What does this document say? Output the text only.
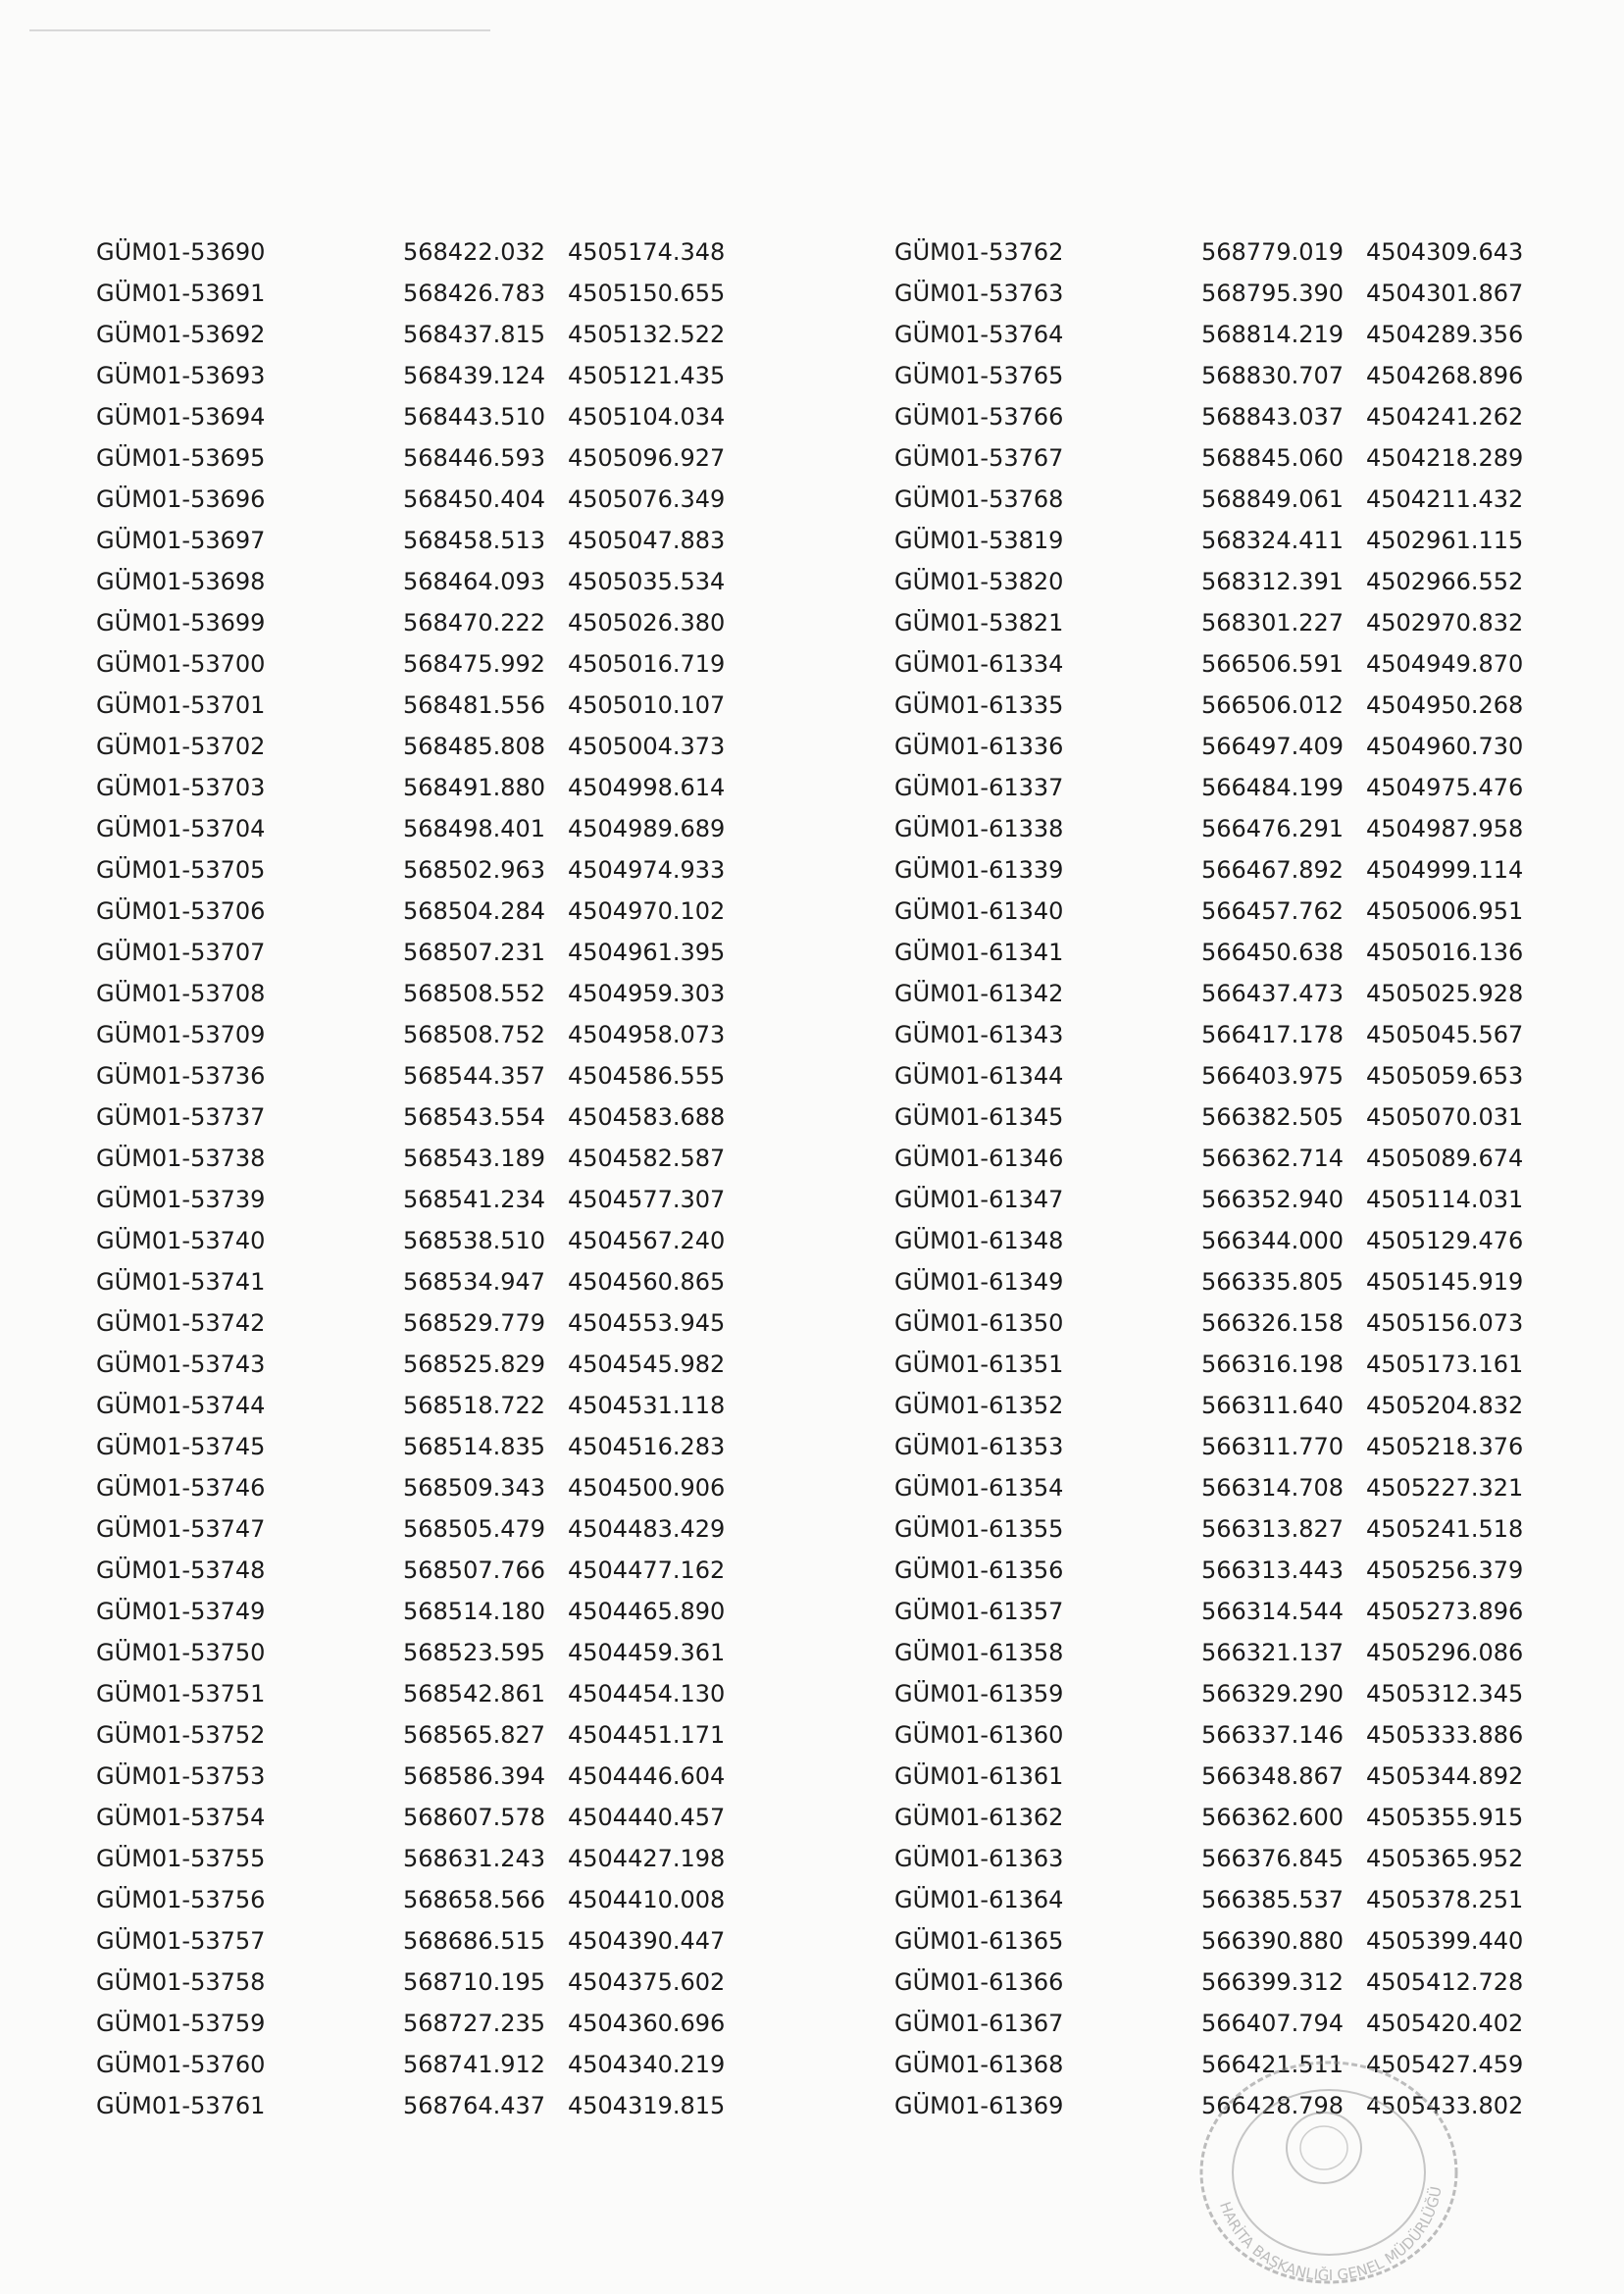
GÜM01-53690	568422.032 4505174.348
GÜM01-53691	568426.783 4505150.655
GÜM01-53692	568437.815 4505132.522
GÜM01-53693	568439.124 4505121.435
GÜM01-53694	568443.510 4505104.034
GÜM01-53695	568446.593 4505096.927
GÜM01-53696	568450.404 4505076.349
GÜM01-53697	568458.513 4505047.883
GÜM01-53698	568464.093 4505035.534
GÜM01-53699	568470.222 4505026.380
GÜM01-53700	568475.992 4505016.719
GÜM01-53701	568481.556 4505010.107
GÜM01-53702	568485.808 4505004.373
GÜM01-53703	568491.880 4504998.614
GÜM01-53704	568498.401 4504989.689
GÜM01-53705	568502.963 4504974.933
GÜM01-53706	568504.284 4504970.102
GÜM01-53707	568507.231 4504961.395
GÜM01-53708	568508.552 4504959.303
GÜM01-53709	568508.752 4504958.073
GÜM01-53736	568544.357 4504586.555
GÜM01-53737	568543.554 4504583.688
GÜM01-53738	568543.189 4504582.587
GÜM01-53739	568541.234 4504577.307
GÜM01-53740	568538.510 4504567.240
GÜM01-53741	568534.947 4504560.865
GÜM01-53742	568529.779 4504553.945
GÜM01-53743	568525.829 4504545.982
GÜM01-53744	568518.722 4504531.118
GÜM01-53745	568514.835 4504516.283
GÜM01-53746	568509.343 4504500.906
GÜM01-53747	568505.479 4504483.429
GÜM01-53748	568507.766 4504477.162
GÜM01-53749	568514.180 4504465.890
GÜM01-53750	568523.595 4504459.361
GÜM01-53751	568542.861 4504454.130
GÜM01-53752	568565.827 4504451.171
GÜM01-53753	568586.394 4504446.604
GÜM01-53754	568607.578 4504440.457
GÜM01-53755	568631.243 4504427.198
GÜM01-53756	568658.566 4504410.008
GÜM01-53757	568686.515 4504390.447
GÜM01-53758	568710.195 4504375.602
GÜM01-53759	568727.235 4504360.696
GÜM01-53760	568741.912 4504340.219
GÜM01-53761	568764.437 4504319.815
GÜM01-53762	568779.019 4504309.643
GÜM01-53763	568795.390 4504301.867
GÜM01-53764	568814.219 4504289.356
GÜM01-53765	568830.707 4504268.896
GÜM01-53766	568843.037 4504241.262
GÜM01-53767	568845.060 4504218.289
GÜM01-53768	568849.061 4504211.432
GÜM01-53819	568324.411 4502961.115
GÜM01-53820	568312.391 4502966.552
GÜM01-53821	568301.227 4502970.832
GÜM01-61334	566506.591 4504949.870
GÜM01-61335	566506.012 4504950.268
GÜM01-61336	566497.409 4504960.730
GÜM01-61337	566484.199 4504975.476
GÜM01-61338	566476.291 4504987.958
GÜM01-61339	566467.892 4504999.114
GÜM01-61340	566457.762 4505006.951
GÜM01-61341	566450.638 4505016.136
GÜM01-61342	566437.473 4505025.928
GÜM01-61343	566417.178 4505045.567
GÜM01-61344	566403.975 4505059.653
GÜM01-61345	566382.505 4505070.031
GÜM01-61346	566362.714 4505089.674
GÜM01-61347	566352.940 4505114.031
GÜM01-61348	566344.000 4505129.476
GÜM01-61349	566335.805 4505145.919
GÜM01-61350	566326.158 4505156.073
GÜM01-61351	566316.198 4505173.161
GÜM01-61352	566311.640 4505204.832
GÜM01-61353	566311.770 4505218.376
GÜM01-61354	566314.708 4505227.321
GÜM01-61355	566313.827 4505241.518
GÜM01-61356	566313.443 4505256.379
GÜM01-61357	566314.544 4505273.896
GÜM01-61358	566321.137 4505296.086
GÜM01-61359	566329.290 4505312.345
GÜM01-61360	566337.146 4505333.886
GÜM01-61361	566348.867 4505344.892
GÜM01-61362	566362.600 4505355.915
GÜM01-61363	566376.845 4505365.952
GÜM01-61364	566385.537 4505378.251
GÜM01-61365	566390.880 4505399.440
GÜM01-61366	566399.312 4505412.728
GÜM01-61367	566407.794 4505420.402
GÜM01-61368	566421.511 4505427.459
GÜM01-61369	566428.798 4505433.802
HARİTA BAŞKANLIĞI GENEL MÜDÜRLÜĞÜ
